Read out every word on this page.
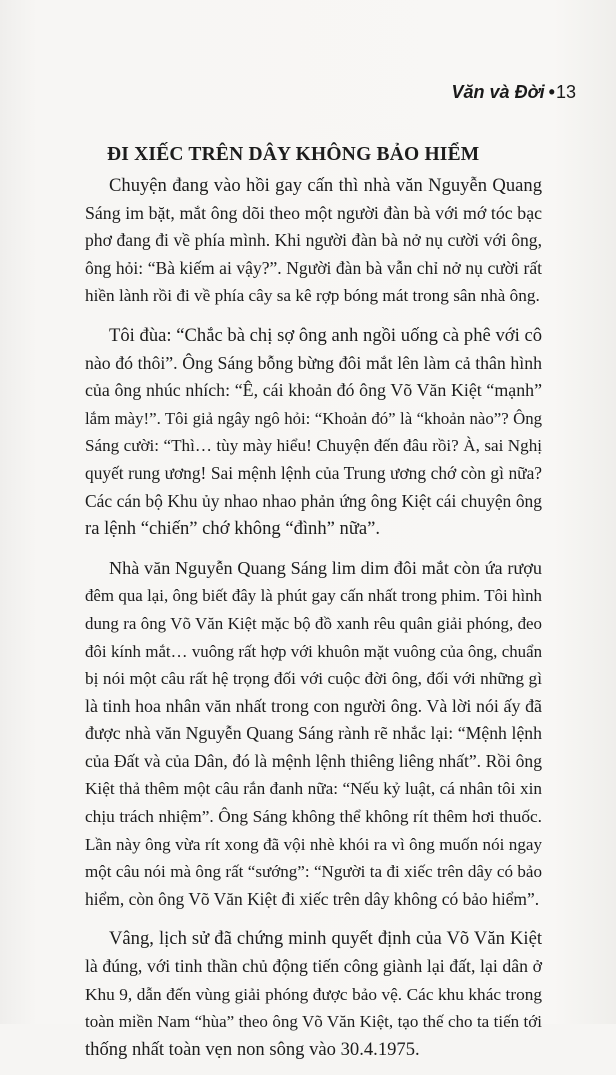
Văn và Đời •13
ĐI XIẾC TRÊN DÂY KHÔNG BẢO HIỂM
Chuyện đang vào hồi gay cấn thì nhà văn Nguyễn Quang
Sáng im bặt, mắt ông dõi theo một người đàn bà với mớ tóc bạc
phơ đang đi về phía mình. Khi người đàn bà nở nụ cười với ông,
ông hỏi: “Bà kiếm ai vậy?”. Người đàn bà vẫn chỉ nở nụ cười rất
hiền lành rồi đi về phía cây sa kê rợp bóng mát trong sân nhà ông.
Tôi đùa: “Chắc bà chị sợ ông anh ngồi uống cà phê với cô
nào đó thôi”. Ông Sáng bỗng bừng đôi mắt lên làm cả thân hình
của ông nhúc nhích: “Ê, cái khoản đó ông Võ Văn Kiệt “mạnh”
lắm mày!”. Tôi giả ngây ngô hỏi: “Khoản đó” là “khoản nào”? Ông
Sáng cười: “Thì… tùy mày hiểu! Chuyện đến đâu rồi? À, sai Nghị
quyết rung ương! Sai mệnh lệnh của Trung ương chớ còn gì nữa?
Các cán bộ Khu ủy nhao nhao phản ứng ông Kiệt cái chuyện ông
ra lệnh “chiến” chớ không “đình” nữa”.
Nhà văn Nguyễn Quang Sáng lim dim đôi mắt còn ứa rượu
đêm qua lại, ông biết đây là phút gay cấn nhất trong phim. Tôi hình
dung ra ông Võ Văn Kiệt mặc bộ đồ xanh rêu quân giải phóng, đeo
đôi kính mắt… vuông rất hợp với khuôn mặt vuông của ông, chuẩn
bị nói một câu rất hệ trọng đối với cuộc đời ông, đối với những gì
là tinh hoa nhân văn nhất trong con người ông. Và lời nói ấy đã
được nhà văn Nguyễn Quang Sáng rành rẽ nhắc lại: “Mệnh lệnh
của Đất và của Dân, đó là mệnh lệnh thiêng liêng nhất”. Rồi ông
Kiệt thả thêm một câu rắn đanh nữa: “Nếu kỷ luật, cá nhân tôi xin
chịu trách nhiệm”. Ông Sáng không thể không rít thêm hơi thuốc.
Lần này ông vừa rít xong đã vội nhè khói ra vì ông muốn nói ngay
một câu nói mà ông rất “sướng”: “Người ta đi xiếc trên dây có bảo
hiểm, còn ông Võ Văn Kiệt đi xiếc trên dây không có bảo hiểm”.
Vâng, lịch sử đã chứng minh quyết định của Võ Văn Kiệt
là đúng, với tinh thần chủ động tiến công giành lại đất, lại dân ở
Khu 9, dẫn đến vùng giải phóng được bảo vệ. Các khu khác trong
toàn miền Nam “hùa” theo ông Võ Văn Kiệt, tạo thế cho ta tiến tới
thống nhất toàn vẹn non sông vào 30.4.1975.
